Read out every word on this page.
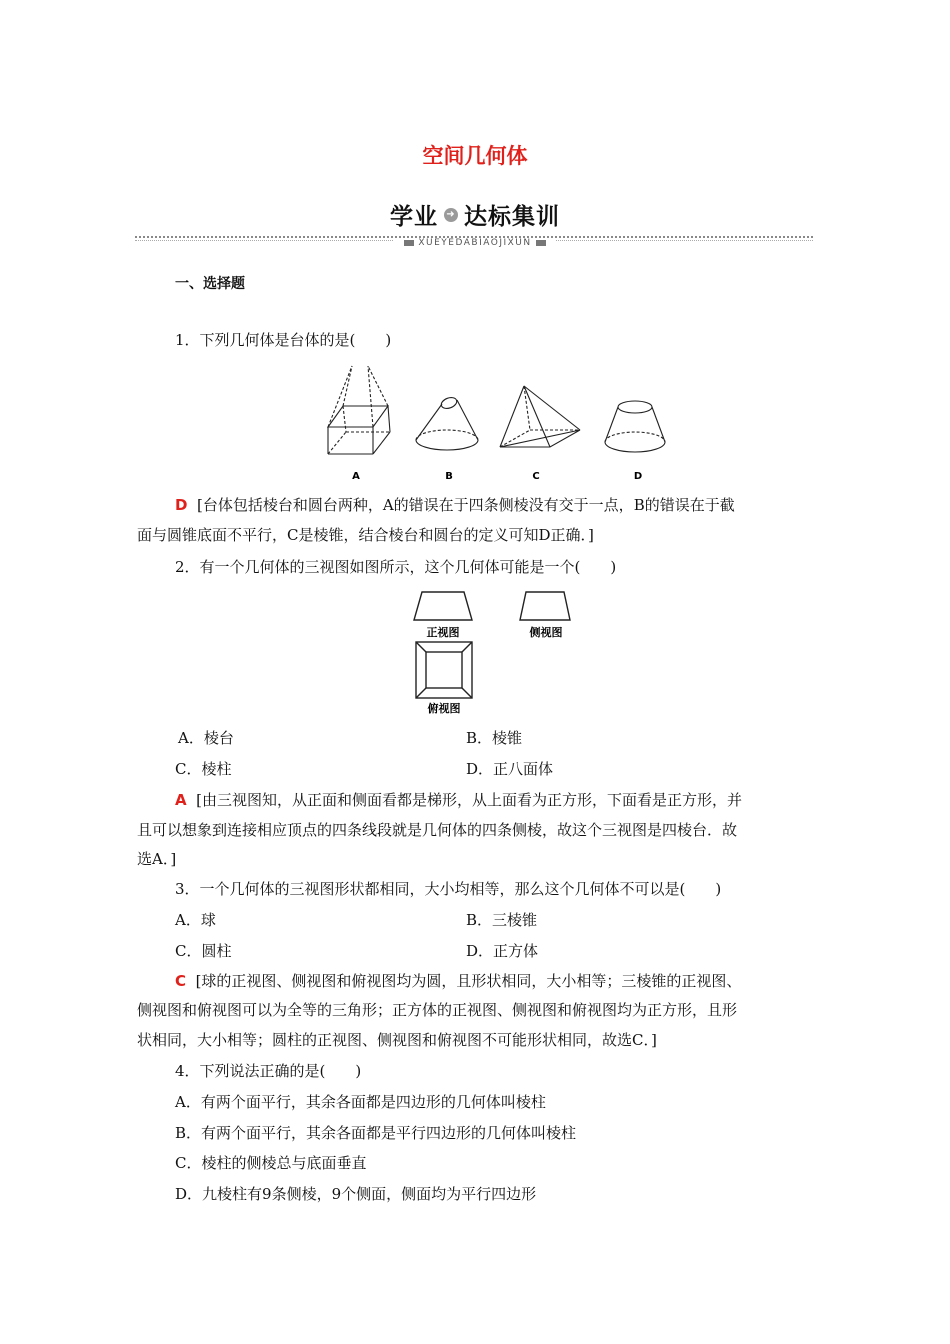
空间几何体
学业 ➜ 达标集训
XUEYEDABIAOJIXUN
一、选择题
1．下列几何体是台体的是(　　)
A	B	C	D
D [台体包括棱台和圆台两种，A的错误在于四条侧棱没有交于一点，B的错误在于截
面与圆锥底面不平行，C是棱锥，结合棱台和圆台的定义可知D正确．]
2．有一个几何体的三视图如图所示，这个几何体可能是一个(　　)
正视图	侧视图
俯视图
A．棱台	B．棱锥
C．棱柱	D．正八面体
A [由三视图知，从正面和侧面看都是梯形，从上面看为正方形，下面看是正方形，并
且可以想象到连接相应顶点的四条线段就是几何体的四条侧棱，故这个三视图是四棱台．故
选A．]
3．一个几何体的三视图形状都相同，大小均相等，那么这个几何体不可以是(　　)
A．球	B．三棱锥
C．圆柱	D．正方体
C [球的正视图、侧视图和俯视图均为圆，且形状相同，大小相等；三棱锥的正视图、
侧视图和俯视图可以为全等的三角形；正方体的正视图、侧视图和俯视图均为正方形，且形
状相同，大小相等；圆柱的正视图、侧视图和俯视图不可能形状相同，故选C．]
4．下列说法正确的是(　　)
A．有两个面平行，其余各面都是四边形的几何体叫棱柱
B．有两个面平行，其余各面都是平行四边形的几何体叫棱柱
C．棱柱的侧棱总与底面垂直
D．九棱柱有9条侧棱，9个侧面，侧面均为平行四边形
